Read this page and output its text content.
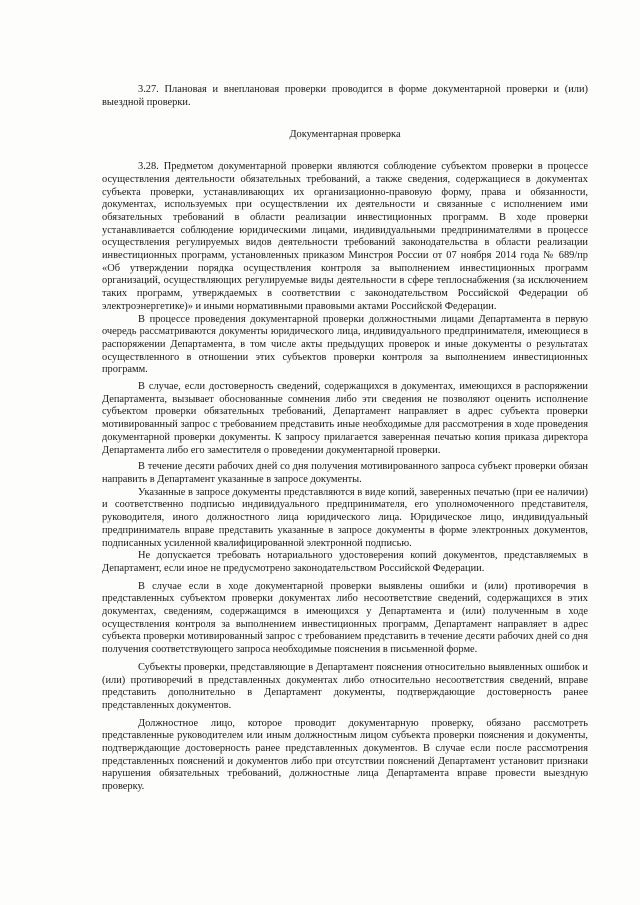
3.27. Плановая и внеплановая проверки проводится в форме документарной проверки и (или) выездной проверки.

Документарная проверка

3.28. Предметом документарной проверки являются соблюдение субъектом проверки в процессе осуществления деятельности обязательных требований, а также сведения, содержащиеся в документах субъекта проверки, устанавливающих их организационно-правовую форму, права и обязанности, документах, используемых при осуществлении их деятельности и связанные с исполнением ими обязательных требований в области реализации инвестиционных программ. В ходе проверки устанавливается соблюдение юридическими лицами, индивидуальными предпринимателями в процессе осуществления регулируемых видов деятельности требований законодательства в области реализации инвестиционных программ, установленных приказом Минстроя России от 07 ноября 2014 года № 689/пр «Об утверждении порядка осуществления контроля за выполнением инвестиционных программ организаций, осуществляющих регулируемые виды деятельности в сфере теплоснабжения (за исключением таких программ, утверждаемых в соответствии с законодательством Российской Федерации об электроэнергетике)» и иными нормативными правовыми актами Российской Федерации.

В процессе проведения документарной проверки должностными лицами Департамента в первую очередь рассматриваются документы юридического лица, индивидуального предпринимателя, имеющиеся в распоряжении Департамента, в том числе акты предыдущих проверок и иные документы о результатах осуществленного в отношении этих субъектов проверки контроля за выполнением инвестиционных программ.

В случае, если достоверность сведений, содержащихся в документах, имеющихся в распоряжении Департамента, вызывает обоснованные сомнения либо эти сведения не позволяют оценить исполнение субъектом проверки обязательных требований, Департамент направляет в адрес субъекта проверки мотивированный запрос с требованием представить иные необходимые для рассмотрения в ходе проведения документарной проверки документы. К запросу прилагается заверенная печатью копия приказа директора Департамента либо его заместителя о проведении документарной проверки.

В течение десяти рабочих дней со дня получения мотивированного запроса субъект проверки обязан направить в Департамент указанные в запросе документы.

Указанные в запросе документы представляются в виде копий, заверенных печатью (при ее наличии) и соответственно подписью индивидуального предпринимателя, его уполномоченного представителя, руководителя, иного должностного лица юридического лица. Юридическое лицо, индивидуальный предприниматель вправе представить указанные в запросе документы в форме электронных документов, подписанных усиленной квалифицированной электронной подписью.

Не допускается требовать нотариального удостоверения копий документов, представляемых в Департамент, если иное не предусмотрено законодательством Российской Федерации.

В случае если в ходе документарной проверки выявлены ошибки и (или) противоречия в представленных субъектом проверки документах либо несоответствие сведений, содержащихся в этих документах, сведениям, содержащимся в имеющихся у Департамента и (или) полученным в ходе осуществления контроля за выполнением инвестиционных программ, Департамент направляет в адрес субъекта проверки мотивированный запрос с требованием представить в течение десяти рабочих дней со дня получения соответствующего запроса необходимые пояснения в письменной форме.

Субъекты проверки, представляющие в Департамент пояснения относительно выявленных ошибок и (или) противоречий в представленных документах либо относительно несоответствия сведений, вправе представить дополнительно в Департамент документы, подтверждающие достоверность ранее представленных документов.

Должностное лицо, которое проводит документарную проверку, обязано рассмотреть представленные руководителем или иным должностным лицом субъекта проверки пояснения и документы, подтверждающие достоверность ранее представленных документов. В случае если после рассмотрения представленных пояснений и документов либо при отсутствии пояснений Департамент установит признаки нарушения обязательных требований, должностные лица Департамента вправе провести выездную проверку.
